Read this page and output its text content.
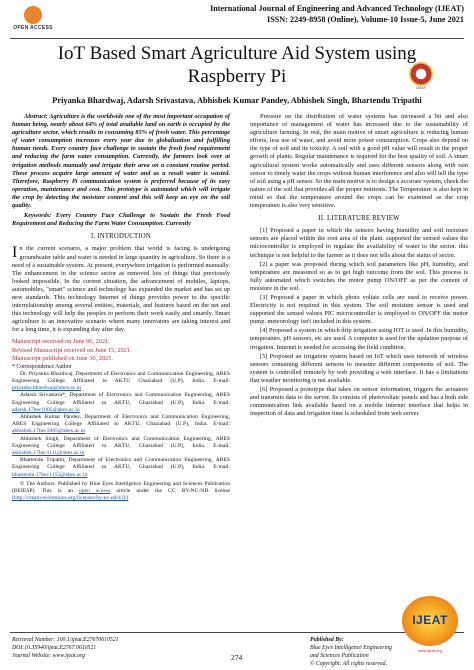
OPEN ACCESS
International Journal of Engineering and Advanced Technology (IJEAT)
ISSN: 2249-8958 (Online), Volume-10 Issue-5, June 2021
IoT Based Smart Agriculture Aid System using
Raspberry Pi
IJEAT
Priyanka Bhardwaj, Adarsh Srivastava, Abhishek Kumar Pandey, Abhishek Singh, Bhartendu Tripathi

Abstract: Agriculture is the worldwide one of the most important occupation of human being, nearly about 64% of total available land on earth is occupied by the agriculture sector, which results in consuming 85% of fresh water. This percentage of water consumption increases every year due to globalization and fulfilling human needs. Every country face challenge to sustain the fresh food requirement and reducing the farm water consumption. Currently, the farmers look over at irrigation methods manually and irrigate their area on a constant routine period. These process acquire large amount of water and as a result water is wasted. Therefore, Raspberry Pi communication system is preferred because of its easy operation, maintenance and cost. This prototype is automated which will irrigate the crop by detecting the moisture content and this will keep an eye on the soil quality.

Keywords: Every Country Face Challenge to Sustain the Fresh Food Requirement and Reducing the Farm Water Consumption. Currently

I. INTRODUCTION
In the current scenario, a major problem that world is facing is undergoing groundwater table and water is needed in large quantity in agriculture. So there is a need of a sustainable system. At present, everywhere irrigation is performed manually. The enhancement in the science sector as removed lots of things that previously looked impossible. In the current situation, the advancement of mobiles, laptops, automobiles, "smart" science and technology has expanded the market and has set up new standards. This technology Internet of things provides power to the specific interrelationship among several entities, materials, and features based on the net and this technology will help the peoples to perform their work easily and smartly. Smart agriculture is an innovative scenario where many innovators are taking interest and for a long time, it is expanding day after day.
Manuscript received on June 06, 2021.
Revised Manuscript received on June 15, 2021.
Manuscript published on June 30, 2021.
* Correspondence Author
Dr. Priyanka Bhardwaj, Department of Electronics and Communication Engineering, ABES Engineering College Affiliated to AKTU Ghaziabad (U.P), India. E-mail: priyanka.bhardwaj@abes.ac.in
Adarsh Srivastava*, Department of Electronics and Communication Engineering, ABES Engineering College Affiliated to AKTU, Ghaziabad (U.P), India. E-mail: adarsh.17bec1005@abes.ac.in
Abhishek Kumar Pandey, Department of Electronics and Communication Engineering, ABES Engineering College Affiliated to AKTU, Ghaziabad (U.P), India. E-mail: abhishek.17bec1085@abes.ac.in
Abhishek Singh, Department of Electronics and Communication Engineering, ABES Engineering College Affiliated to AKTU, Ghaziabad (U.P), India. E-mail: abhishek.17bec1111@abes.ac.in
Bhartendu Tripathi, Department of Electronics and Communication Engineering, ABES Engineering College Affiliated to AKTU, Ghaziabad (U.P), India. E-mail: bhartendu.17bec1155@abes.ac.in
© The Authors. Published by Blue Eyes Intelligence Engineering and Sciences Publication (BEIESP). This is an open access article under the CC BY-NC-ND license (http://creativecommons.org/licenses/by-nc-nd/4.0/)
Pressure on the distribution of water systems has increased a bit and also importance of management of water has increased due to the sustainability of agriculture farming. In real, the main motive of smart agriculture is reducing human efforts, less use of water, and avoid more power consumption. Crops also depend on the type of soil and its toxicity. A soil with a good pH value will result in the proper growth of plants. Regular maintenance is required for the best quality of soil. A smart agricultural system works automatically and uses different sensors along with rain sensor to timely water the crops without human interference and also will tell the type of soil using a pH sensor. So the main motive is to design a accurate system, check the nature of the soil that provides all the proper nutrients. The Temperature is also kept in mind so that the temperature around the crops can be examined as the crop temperature is also very sensitive.
II. LITERATURE REVIEW
[1] Proposed a paper in which the sensors having humidity and soil moisture sensors are placed within the root area of the plant. supported the sensed values the microcontroller is employed to regulate the availability of water to the sector. this technique is not helpful to the farmer as it does not tells about the status of sector.
[2] a paper was proposed during which soil parameters like pH, humidity, and temperature are measured so as to get high outcome from the soil. This process is fully automated which switches the motor pump ON/OFF as per the content of moisture in the soil.
[3] Proposed a paper in which photo voltaic cells are used to receive power. Electricity is not required in this system. The soil moisture sensor is used and supported the sensed values PIC microcontroller is employed to ON/OFF the motor pump. meteorology isn't included in this system.
[4] Proposed a system in which drip irrigation using IOT is used .In this humidity, temperature, pH sensors, etc are used. A computer is used for the updation purpose of irrigation. Internet is needed for accessing the field condition.
[5] Proposed an irrigation system based on IoT which uses network of wireless sensors containing different sensors to measure different components of soil. The system is controlled remotely by web providing a web interface. It has a limitations that weather monitoring is not available.
[6] Proposed a prototype that takes on sensor information, triggers the actuators and transmits data to the server. Its consists of photovoltaic panels and has a both side communication link available based on a mobile internet interface that helps in inspection of data and irrigation time is scheduled from web server.
Retrieval Number: 100.1/ijeat.E27670610521
DOI:10.35940/ijeat.E2767.0610521
Journal Website: www.ijeat.org	274
Published By:
Blue Eyes Intelligence Engineering
and Sciences Publication
© Copyright: All rights reserved.
IJEAT
www.ijeat.org
